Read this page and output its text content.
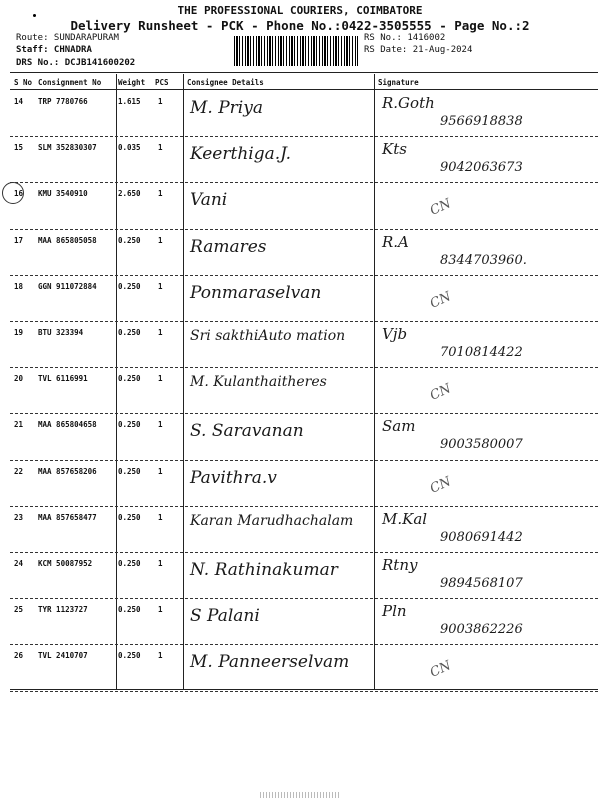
THE PROFESSIONAL COURIERS, COIMBATORE
Delivery Runsheet - PCK - Phone No.:0422-3505555 - Page No.:2
Route: SUNDARAPURAM
Staff: CHNADRA
DRS No.: DCJB141600202
RS No.: 1416002
RS Date: 21-Aug-2024
S No Consignment No Weight PCS Consignee Details	Signature
14 TRP 7780766	1.615 1 M. Priya	R.Goth
9566918838
15 SLM 352830307	0.035 1 Keerthiga.J.	Kts
9042063673
16 KMU 3540910	2.650 1 Vani	CN
17 MAA 865805058	0.250 1 Ramares	R.A
8344703960.
18 GGN 911072884	0.250 1 Ponmaraselvan	CN
19 BTU 323394	0.250 1 Sri sakthiAuto mation	Vjb
7010814422
20 TVL 6116991	0.250 1 M. Kulanthaitheres	CN
21 MAA 865804658	0.250 1 S. Saravanan	Sam
9003580007
22 MAA 857658206	0.250 1 Pavithra.v	CN
23 MAA 857658477	0.250 1 Karan Marudhachalam	M.Kal
9080691442
24 KCM 50087952	0.250 1 N. Rathinakumar	Rtny
9894568107
25 TYR 1123727	0.250 1 S Palani	Pln
9003862226
26 TVL 2410707	0.250 1 M. Panneerselvam	CN
